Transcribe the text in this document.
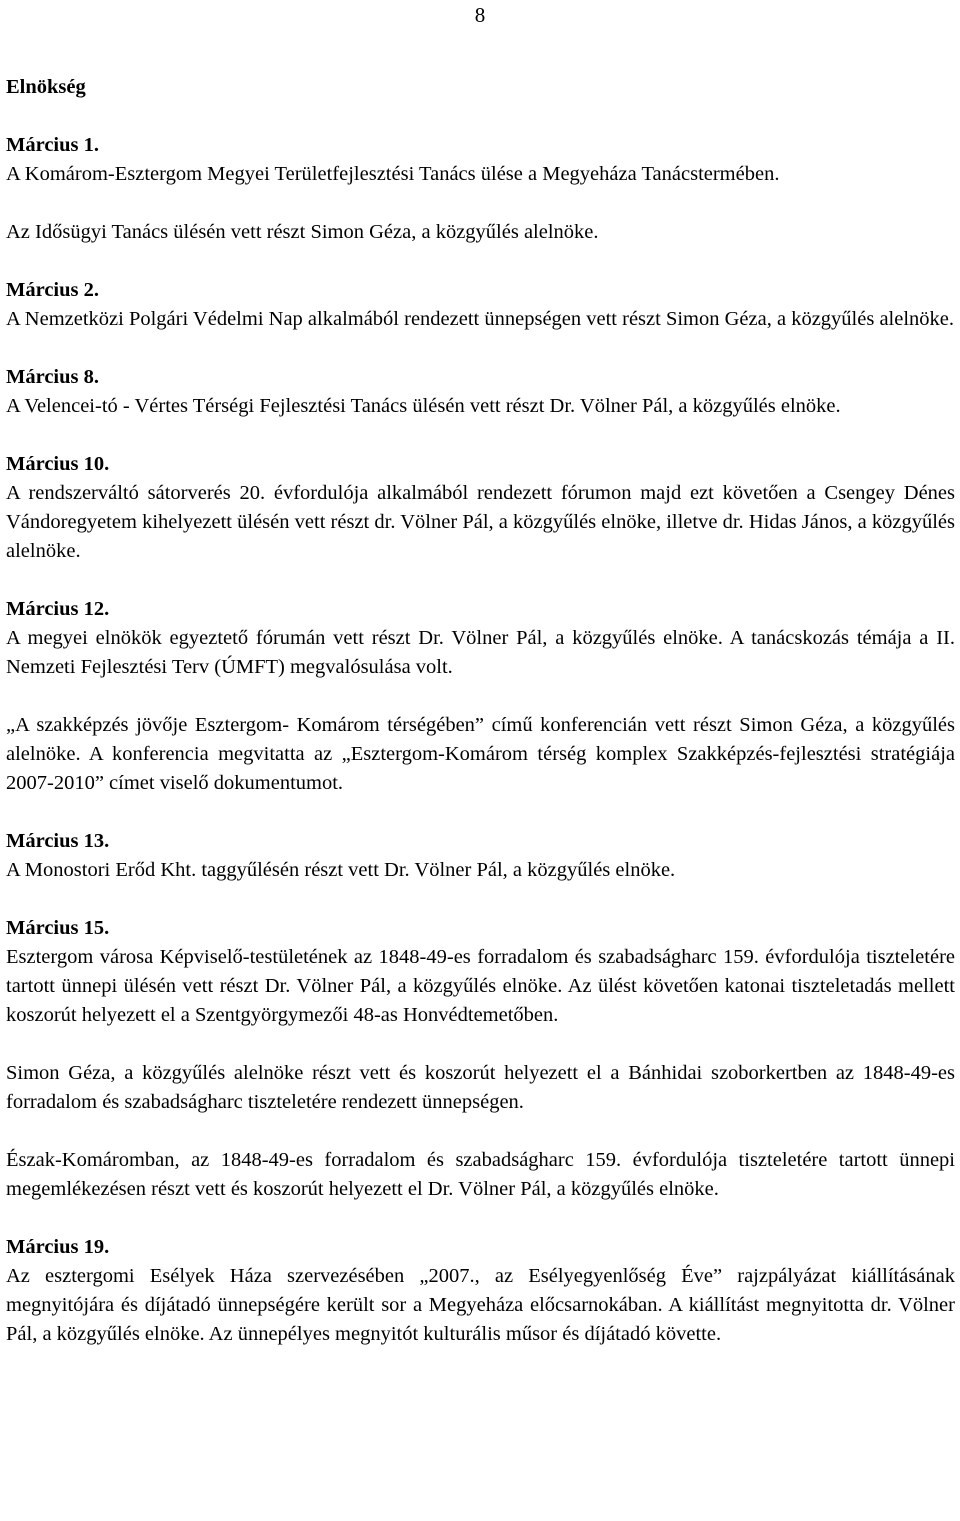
8
Elnökség
Március 1.

A Komárom-Esztergom Megyei Területfejlesztési Tanács ülése a Megyeháza Tanácstermében.

Az Idősügyi Tanács ülésén vett részt Simon Géza, a közgyűlés alelnöke.

Március 2.

A Nemzetközi Polgári Védelmi Nap alkalmából rendezett ünnepségen vett részt Simon Géza, a közgyűlés alelnöke.

Március 8.

A Velencei-tó - Vértes Térségi Fejlesztési Tanács ülésén vett részt Dr. Völner Pál, a közgyűlés elnöke.

Március 10.

A rendszerváltó sátorverés 20. évfordulója alkalmából rendezett fórumon majd ezt követően a Csengey Dénes Vándoregyetem kihelyezett ülésén vett részt dr. Völner Pál, a közgyűlés elnöke, illetve dr. Hidas János, a közgyűlés alelnöke.

Március 12.

A megyei elnökök egyeztető fórumán vett részt Dr. Völner Pál, a közgyűlés elnöke. A tanácskozás témája a II. Nemzeti Fejlesztési Terv (ÚMFT) megvalósulása volt.

„A szakképzés jövője Esztergom- Komárom térségében” című konferencián vett részt Simon Géza, a közgyűlés alelnöke. A konferencia megvitatta az „Esztergom-Komárom térség komplex Szakképzés-fejlesztési stratégiája 2007-2010” címet viselő dokumentumot.

Március 13.

A Monostori Erőd Kht. taggyűlésén részt vett Dr. Völner Pál, a közgyűlés elnöke.

Március 15.

Esztergom városa Képviselő-testületének az 1848-49-es forradalom és szabadságharc 159. évfordulója tiszteletére tartott ünnepi ülésén vett részt Dr. Völner Pál, a közgyűlés elnöke. Az ülést követően katonai tiszteletadás mellett koszorút helyezett el a Szentgyörgymezői 48-as Honvédtemetőben.

Simon Géza, a közgyűlés alelnöke részt vett és koszorút helyezett el a Bánhidai szoborkertben az 1848-49-es forradalom és szabadságharc tiszteletére rendezett ünnepségen.

Észak-Komáromban, az 1848-49-es forradalom és szabadságharc 159. évfordulója tiszteletére tartott ünnepi megemlékezésen részt vett és koszorút helyezett el Dr. Völner Pál, a közgyűlés elnöke.

Március 19.

Az esztergomi Esélyek Háza szervezésében „2007., az Esélyegyenlőség Éve” rajzpályázat kiállításának megnyitójára és díjátadó ünnepségére került sor a Megyeháza előcsarnokában. A kiállítást megnyitotta dr. Völner Pál, a közgyűlés elnöke. Az ünnepélyes megnyitót kulturális műsor és díjátadó követte.
